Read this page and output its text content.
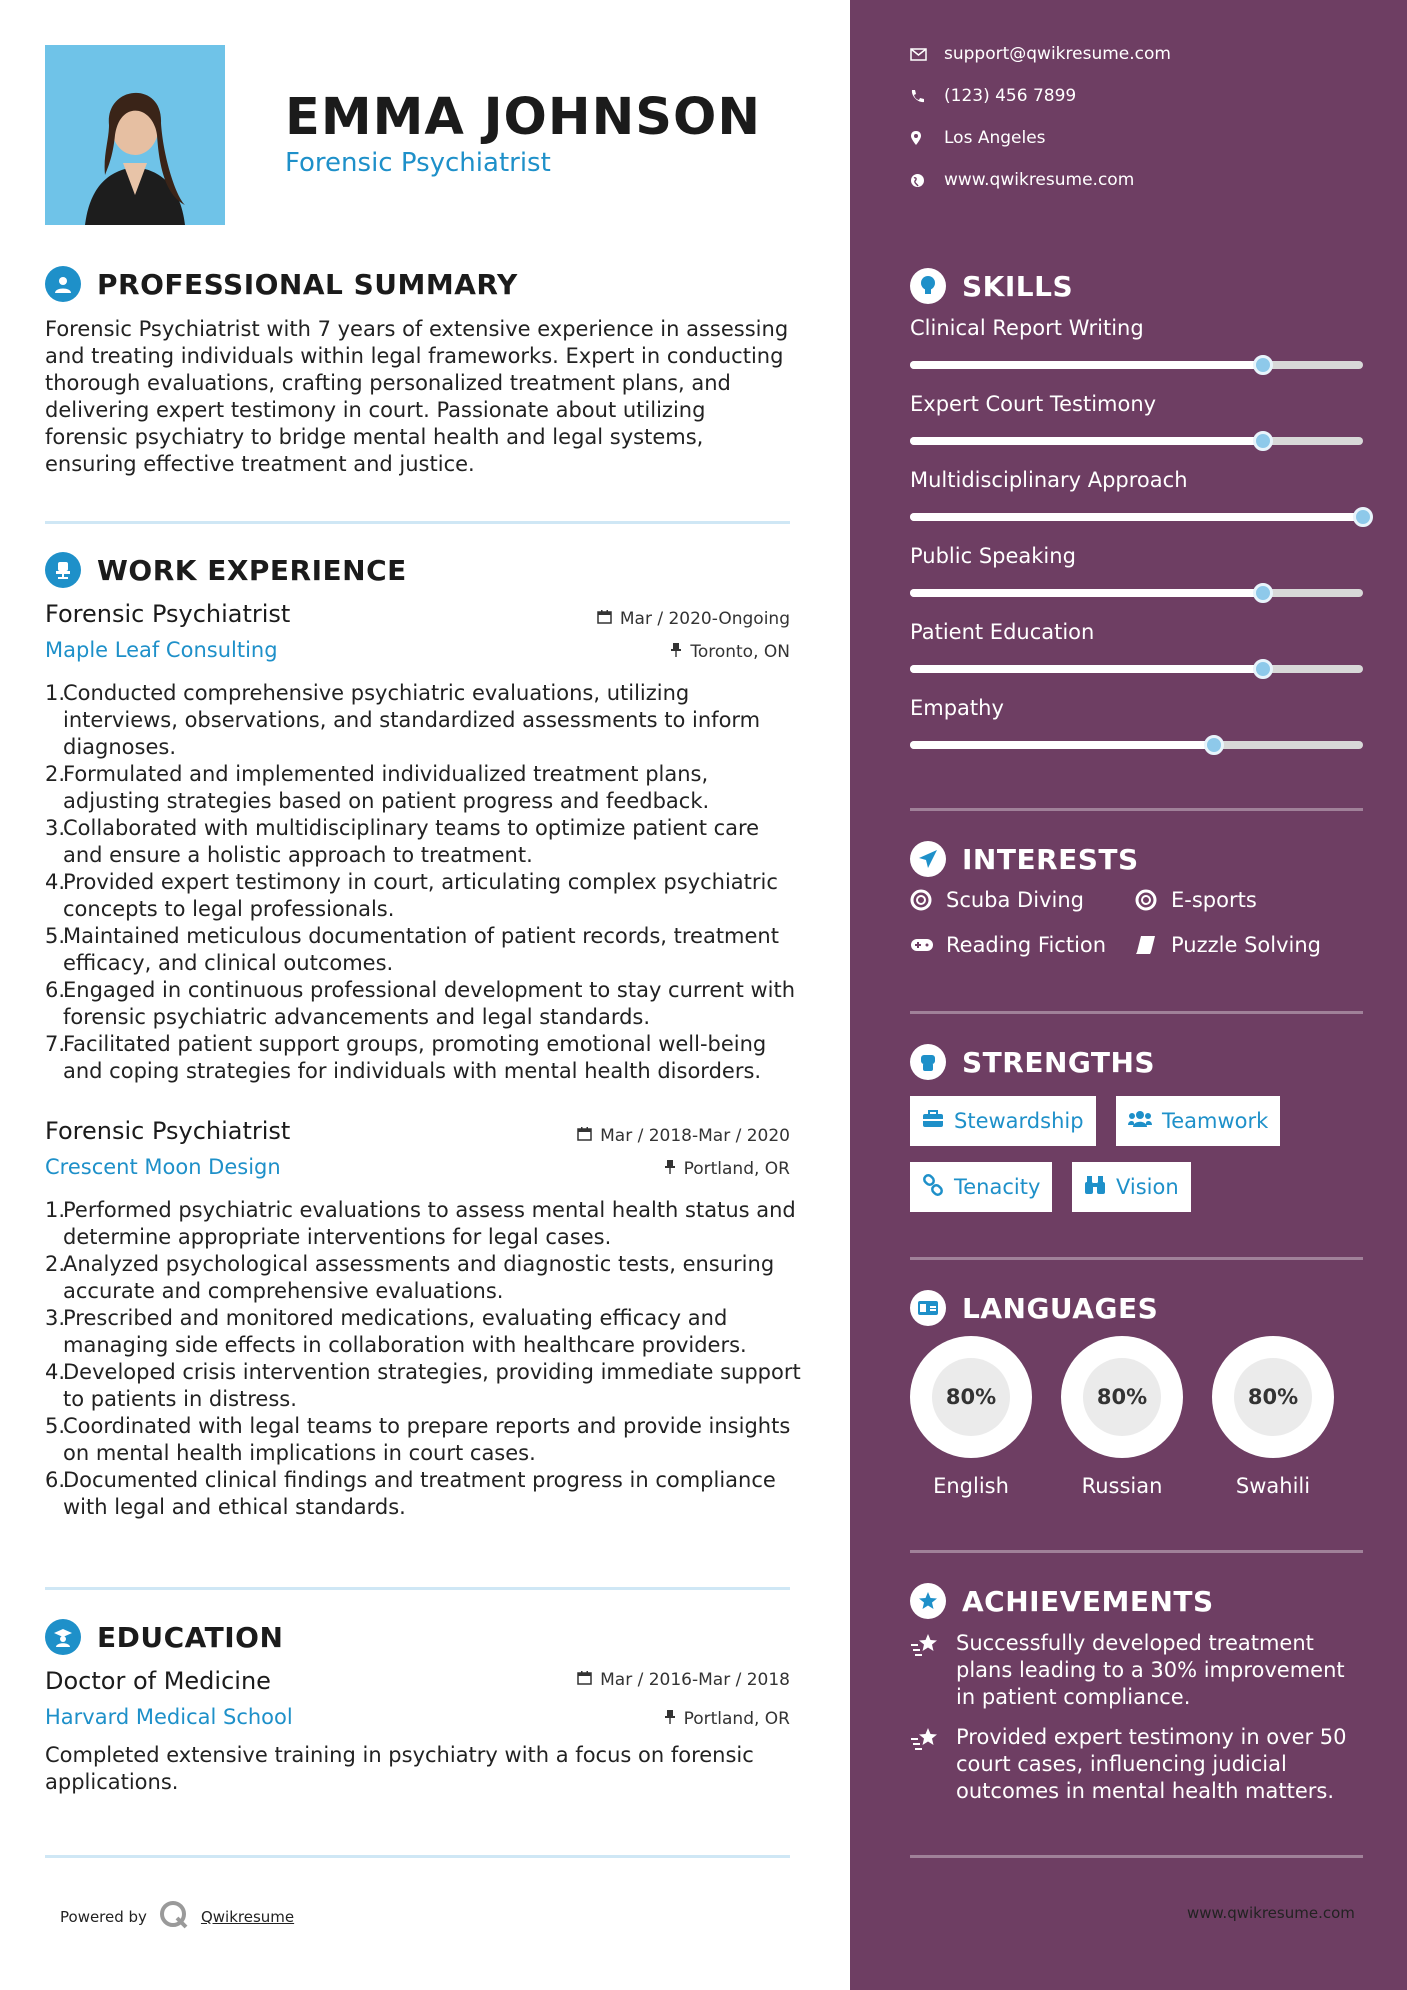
EMMA JOHNSON
Forensic Psychiatrist
PROFESSIONAL SUMMARY
Forensic Psychiatrist with 7 years of extensive experience in assessing and treating individuals within legal frameworks. Expert in conducting thorough evaluations, crafting personalized treatment plans, and delivering expert testimony in court. Passionate about utilizing forensic psychiatry to bridge mental health and legal systems, ensuring effective treatment and justice.
WORK EXPERIENCE
Forensic Psychiatrist	Mar / 2020-Ongoing
Maple Leaf Consulting	Toronto, ON
1.
Conducted comprehensive psychiatric evaluations, utilizing interviews, observations, and standardized assessments to inform diagnoses.
2.
Formulated and implemented individualized treatment plans, adjusting strategies based on patient progress and feedback.
3.
Collaborated with multidisciplinary teams to optimize patient care and ensure a holistic approach to treatment.
4.
Provided expert testimony in court, articulating complex psychiatric concepts to legal professionals.
5.
Maintained meticulous documentation of patient records, treatment efficacy, and clinical outcomes.
6.
Engaged in continuous professional development to stay current with forensic psychiatric advancements and legal standards.
7.
Facilitated patient support groups, promoting emotional well-being and coping strategies for individuals with mental health disorders.
Forensic Psychiatrist	Mar / 2018-Mar / 2020
Crescent Moon Design	Portland, OR
1.
Performed psychiatric evaluations to assess mental health status and determine appropriate interventions for legal cases.
2.
Analyzed psychological assessments and diagnostic tests, ensuring accurate and comprehensive evaluations.
3.
Prescribed and monitored medications, evaluating efficacy and managing side effects in collaboration with healthcare providers.
4.
Developed crisis intervention strategies, providing immediate support to patients in distress.
5.
Coordinated with legal teams to prepare reports and provide insights on mental health implications in court cases.
6.
Documented clinical findings and treatment progress in compliance with legal and ethical standards.
EDUCATION
Doctor of Medicine	Mar / 2016-Mar / 2018
Harvard Medical School	Portland, OR
Completed extensive training in psychiatry with a focus on forensic applications.
Powered by	Qwikresume
support@qwikresume.com
(123) 456 7899
Los Angeles
www.qwikresume.com
SKILLS
Clinical Report Writing
Expert Court Testimony
Multidisciplinary Approach
Public Speaking
Patient Education
Empathy
INTERESTS
Scuba Diving	E-sports
Reading Fiction	Puzzle Solving
STRENGTHS
Stewardship	Teamwork
Tenacity	Vision
LANGUAGES
80%
English
80%
Russian
80%
Swahili
ACHIEVEMENTS
Successfully developed treatment plans leading to a 30% improvement in patient compliance.
Provided expert testimony in over 50 court cases, influencing judicial outcomes in mental health matters.
www.qwikresume.com
